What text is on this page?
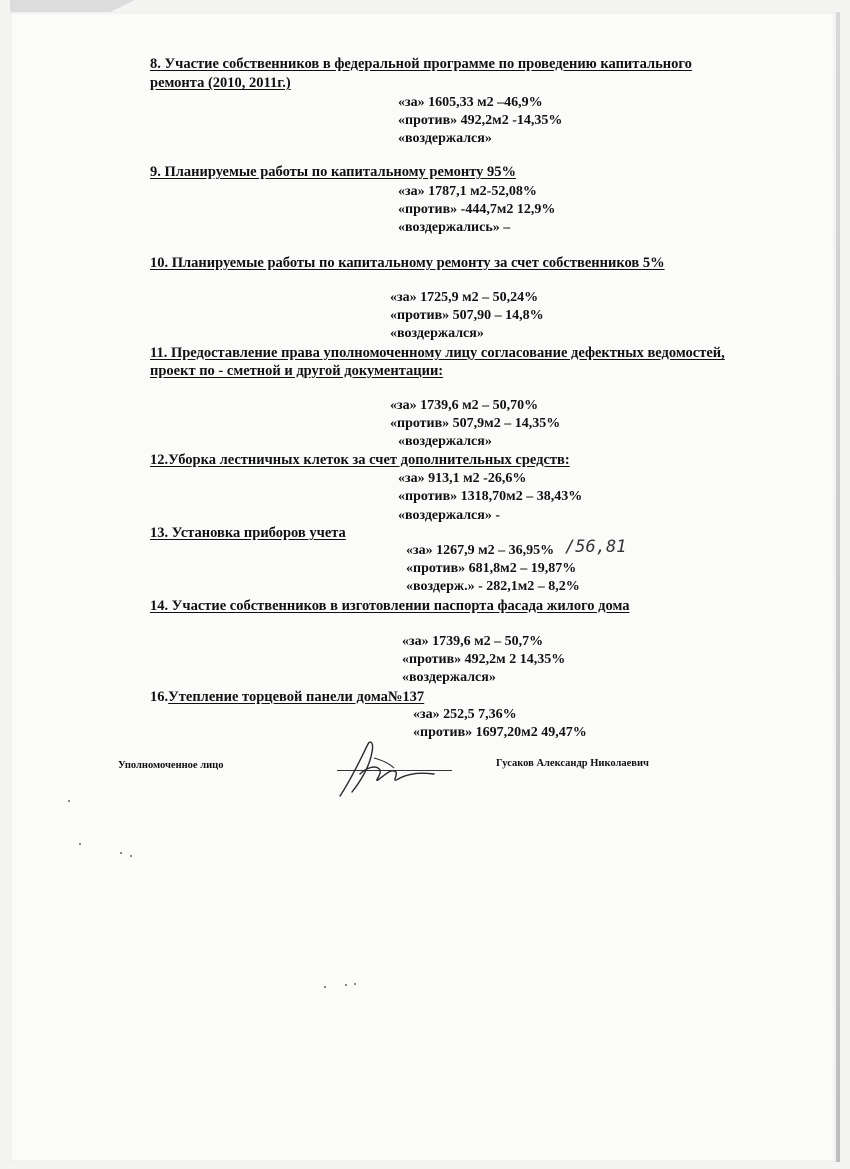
8. Участие собственников в федеральной программе по проведению капитального
ремонта (2010, 2011г.)
«за» 1605,33 м2 –46,9%
«против» 492,2м2 -14,35%
«воздержался»
9. Планируемые работы по капитальному ремонту 95%
«за» 1787,1 м2-52,08%
«против» -444,7м2 12,9%
«воздержались» –
10. Планируемые работы по капитальному ремонту за счет собственников 5%
«за» 1725,9 м2 – 50,24%
«против» 507,90 – 14,8%
«воздержался»
11. Предоставление права уполномоченному лицу согласование дефектных ведомостей,
проект по - сметной и другой документации:
«за» 1739,6 м2 – 50,70%
«против» 507,9м2 – 14,35%
«воздержался»
12.Уборка лестничных клеток за счет дополнительных средств:
«за» 913,1 м2 -26,6%
«против» 1318,70м2 – 38,43%
«воздержался» -
13. Установка приборов учета
«за» 1267,9 м2 – 36,95% /56,81
«против» 681,8м2 – 19,87%
«воздерж.» - 282,1м2 – 8,2%
14. Участие собственников в изготовлении паспорта фасада жилого дома
«за» 1739,6 м2 – 50,7%
«против» 492,2м 2 14,35%
«воздержался»
16.Утепление торцевой панели дома№137
«за» 252,5 7,36%
«против» 1697,20м2 49,47%
Уполномоченное лицо	Гусаков Александр Николаевич
